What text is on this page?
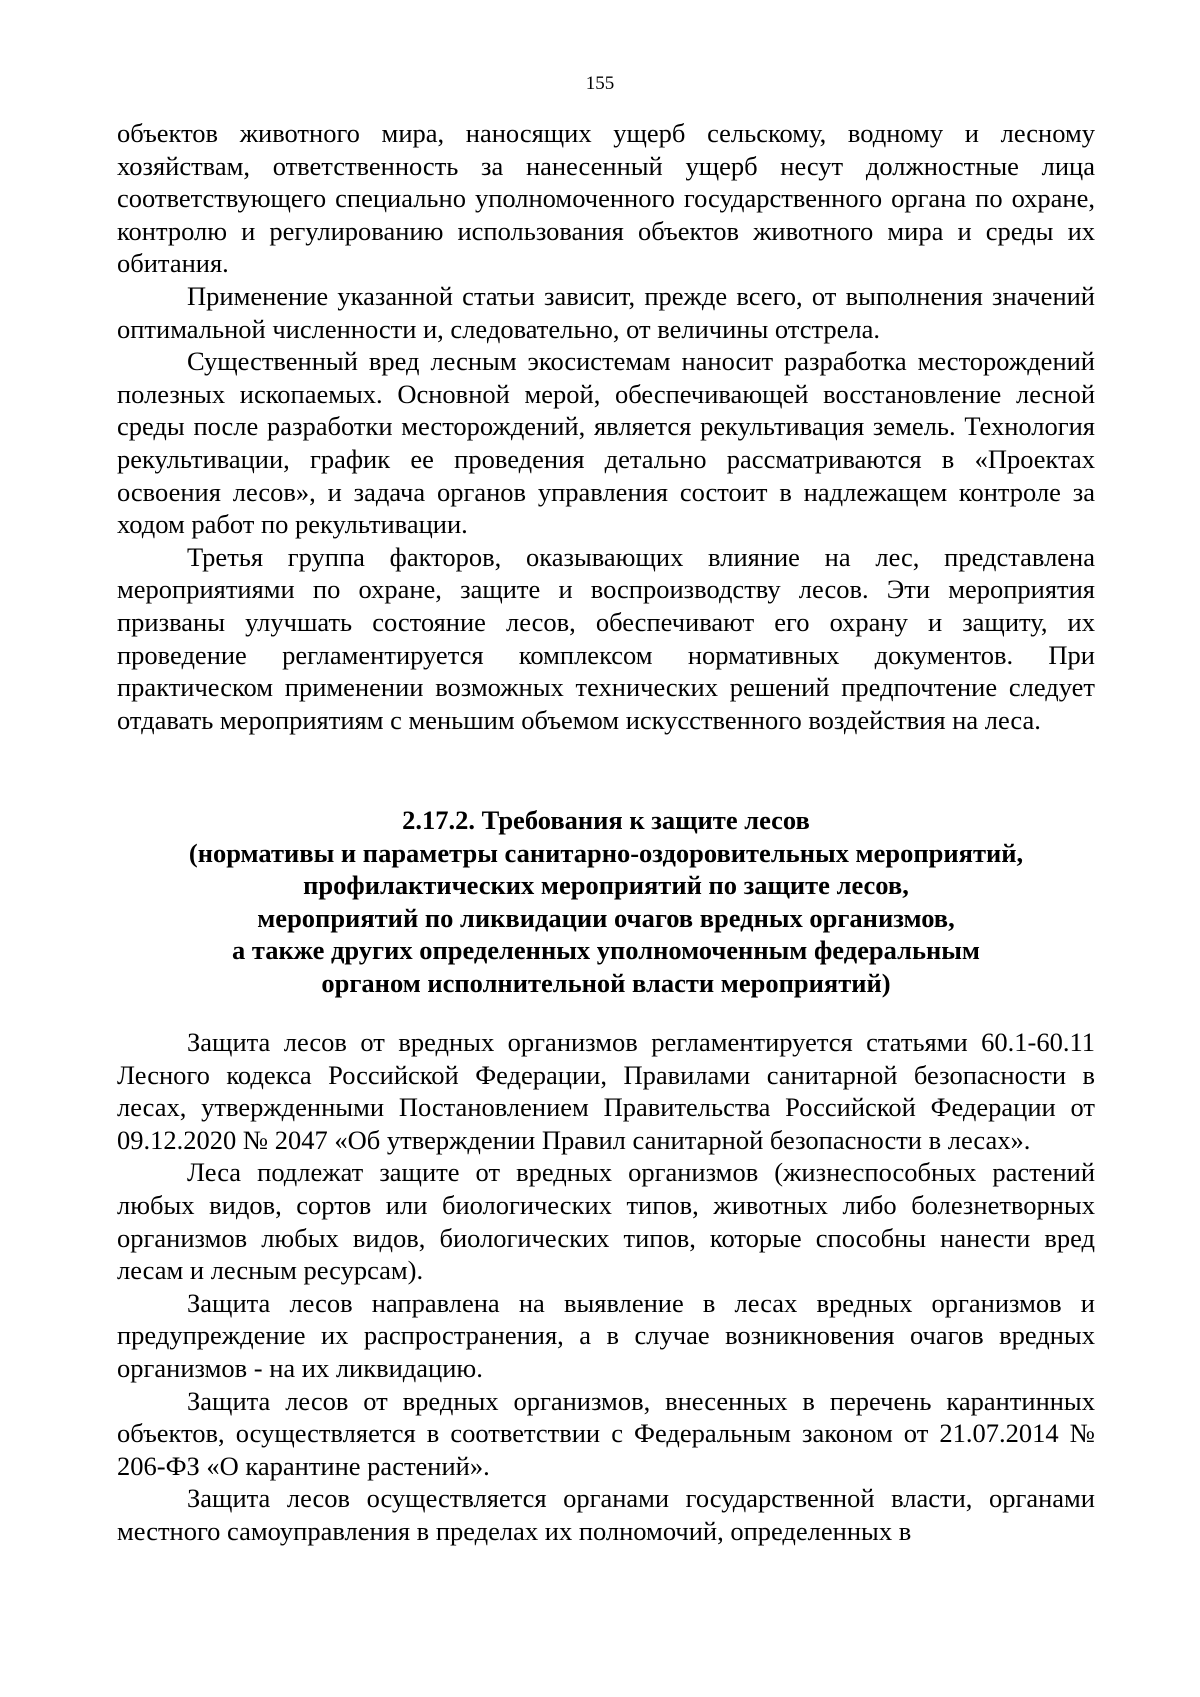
155

объектов животного мира, наносящих ущерб сельскому, водному и лесному хозяйствам, ответственность за нанесенный ущерб несут должностные лица соответствующего специально уполномоченного государственного органа по охране, контролю и регулированию использования объектов животного мира и среды их обитания.

Применение указанной статьи зависит, прежде всего, от выполнения значений оптимальной численности и, следовательно, от величины отстрела.

Существенный вред лесным экосистемам наносит разработка месторождений полезных ископаемых. Основной мерой, обеспечивающей восстановление лесной среды после разработки месторождений, является рекультивация земель. Технология рекультивации, график ее проведения детально рассматриваются в «Проектах освоения лесов», и задача органов управления состоит в надлежащем контроле за ходом работ по рекультивации.

Третья группа факторов, оказывающих влияние на лес, представлена мероприятиями по охране, защите и воспроизводству лесов. Эти мероприятия призваны улучшать состояние лесов, обеспечивают его охрану и защиту, их проведение регламентируется комплексом нормативных документов. При практическом применении возможных технических решений предпочтение следует отдавать мероприятиям с меньшим объемом искусственного воздействия на леса.

2.17.2. Требования к защите лесов
(нормативы и параметры санитарно-оздоровительных мероприятий,
профилактических мероприятий по защите лесов,
мероприятий по ликвидации очагов вредных организмов,
а также других определенных уполномоченным федеральным
органом исполнительной власти мероприятий)

Защита лесов от вредных организмов регламентируется статьями 60.1-60.11 Лесного кодекса Российской Федерации, Правилами санитарной безопасности в лесах, утвержденными Постановлением Правительства Российской Федерации от 09.12.2020 № 2047 «Об утверждении Правил санитарной безопасности в лесах».

Леса подлежат защите от вредных организмов (жизнеспособных растений любых видов, сортов или биологических типов, животных либо болезнетворных организмов любых видов, биологических типов, которые способны нанести вред лесам и лесным ресурсам).

Защита лесов направлена на выявление в лесах вредных организмов и предупреждение их распространения, а в случае возникновения очагов вредных организмов - на их ликвидацию.

Защита лесов от вредных организмов, внесенных в перечень карантинных объектов, осуществляется в соответствии с Федеральным законом от 21.07.2014 № 206-ФЗ «О карантине растений».

Защита лесов осуществляется органами государственной власти, органами местного самоуправления в пределах их полномочий, определенных в
